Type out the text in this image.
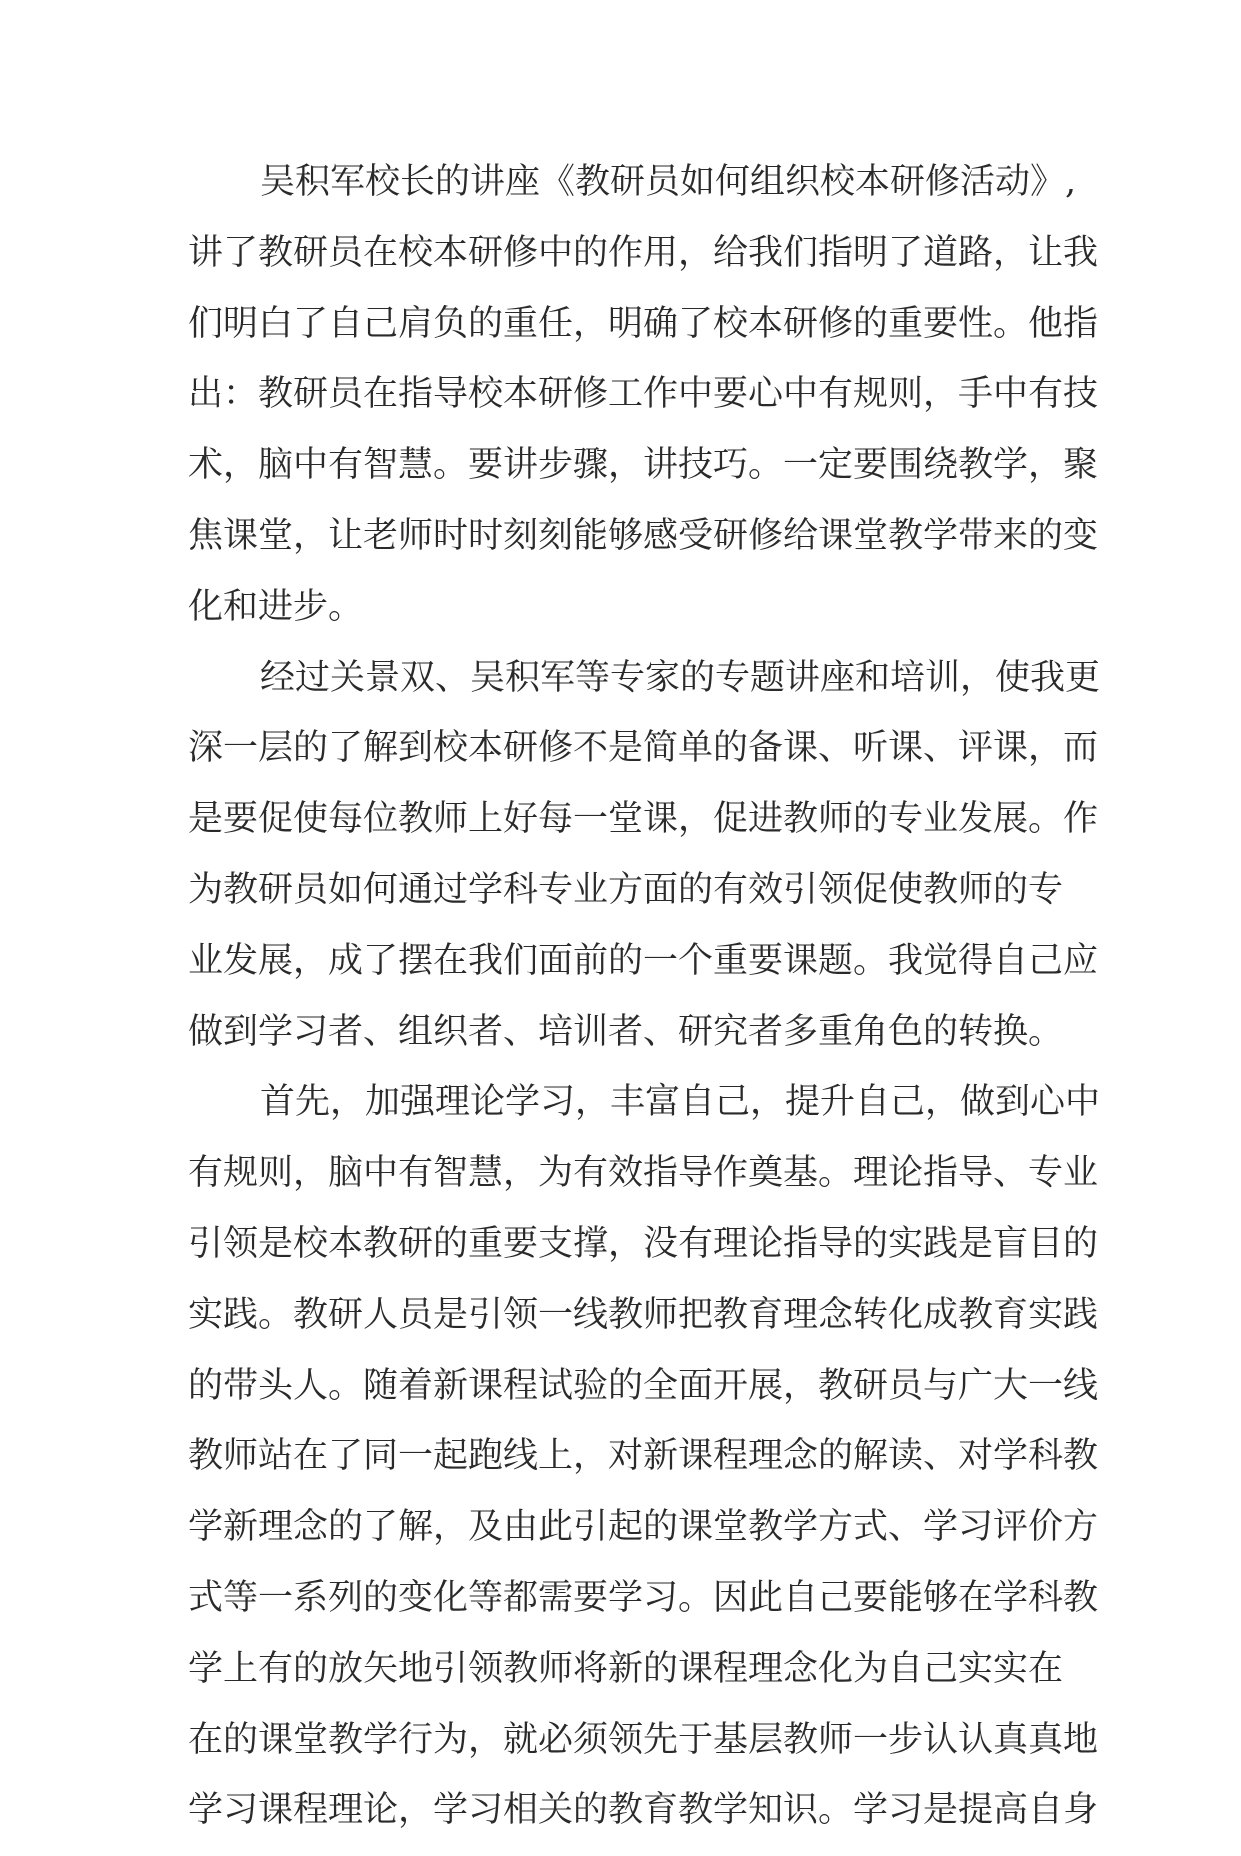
吴积军校长的讲座《教研员如何组织校本研修活动》,
讲了教研员在校本研修中的作用，给我们指明了道路，让我
们明白了自己肩负的重任，明确了校本研修的重要性。他指
出：教研员在指导校本研修工作中要心中有规则，手中有技
术，脑中有智慧。要讲步骤，讲技巧。一定要围绕教学，聚
焦课堂，让老师时时刻刻能够感受研修给课堂教学带来的变
化和进步。
经过关景双、吴积军等专家的专题讲座和培训，使我更
深一层的了解到校本研修不是简单的备课、听课、评课，而
是要促使每位教师上好每一堂课，促进教师的专业发展。作
为教研员如何通过学科专业方面的有效引领促使教师的专
业发展，成了摆在我们面前的一个重要课题。我觉得自己应
做到学习者、组织者、培训者、研究者多重角色的转换。
首先，加强理论学习，丰富自己，提升自己，做到心中
有规则，脑中有智慧，为有效指导作奠基。理论指导、专业
引领是校本教研的重要支撑，没有理论指导的实践是盲目的
实践。教研人员是引领一线教师把教育理念转化成教育实践
的带头人。随着新课程试验的全面开展，教研员与广大一线
教师站在了同一起跑线上，对新课程理念的解读、对学科教
学新理念的了解，及由此引起的课堂教学方式、学习评价方
式等一系列的变化等都需要学习。因此自己要能够在学科教
学上有的放矢地引领教师将新的课程理念化为自己实实在
在的课堂教学行为，就必须领先于基层教师一步认认真真地
学习课程理论，学习相关的教育教学知识。学习是提高自身
